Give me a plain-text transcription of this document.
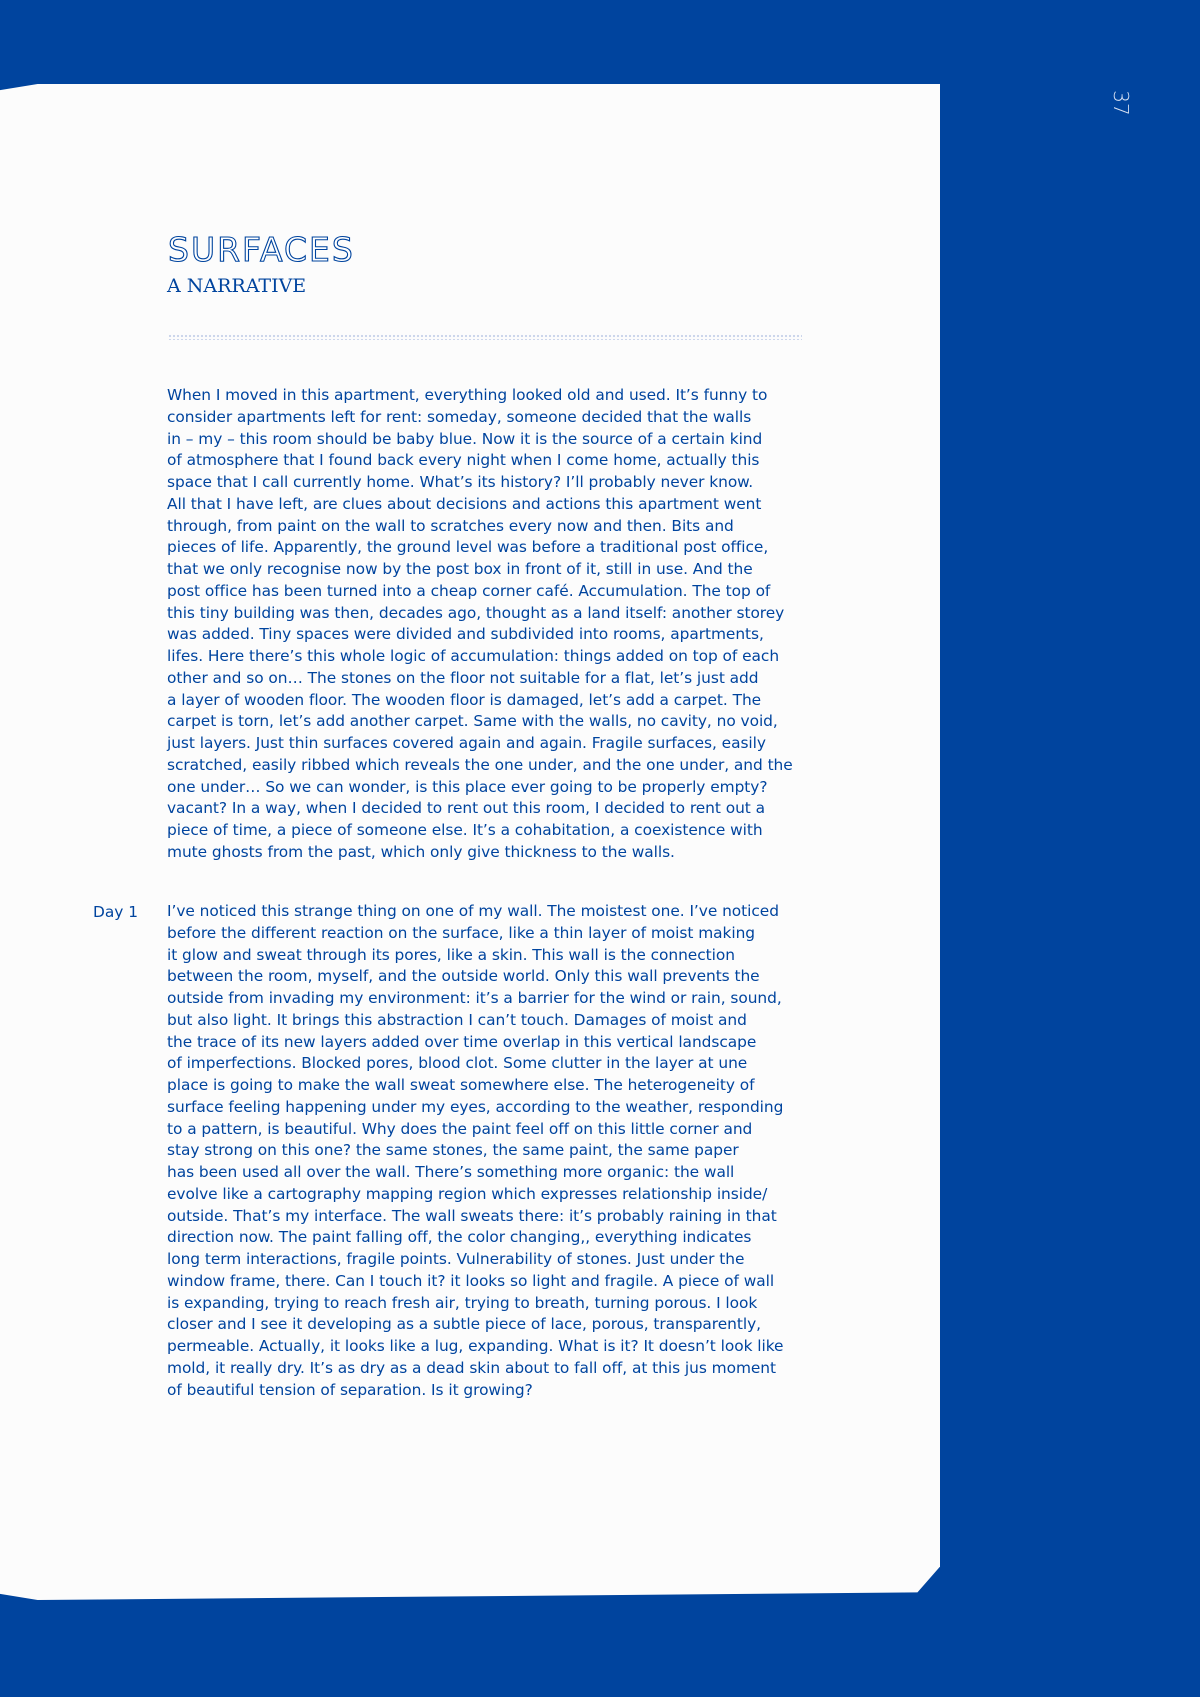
37
SURFACES
A NARRATIVE

When I moved in this apartment, everything looked old and used. It’s funny to
consider apartments left for rent: someday, someone decided that the walls
in – my – this room should be baby blue. Now it is the source of a certain kind
of atmosphere that I found back every night when I come home, actually this
space that I call currently home. What’s its history? I’ll probably never know.
All that I have left, are clues about decisions and actions this apartment went
through, from paint on the wall to scratches every now and then. Bits and
pieces of life. Apparently, the ground level was before a traditional post office,
that we only recognise now by the post box in front of it, still in use. And the
post office has been turned into a cheap corner café. Accumulation. The top of
this tiny building was then, decades ago, thought as a land itself: another storey
was added. Tiny spaces were divided and subdivided into rooms, apartments,
lifes. Here there’s this whole logic of accumulation: things added on top of each
other and so on… The stones on the floor not suitable for a flat, let’s just add
a layer of wooden floor. The wooden floor is damaged, let’s add a carpet. The
carpet is torn, let’s add another carpet. Same with the walls, no cavity, no void,
just layers. Just thin surfaces covered again and again. Fragile surfaces, easily
scratched, easily ribbed which reveals the one under, and the one under, and the
one under… So we can wonder, is this place ever going to be properly empty?
vacant? In a way, when I decided to rent out this room, I decided to rent out a
piece of time, a piece of someone else. It’s a cohabitation, a coexistence with
mute ghosts from the past, which only give thickness to the walls.

Day 1 I’ve noticed this strange thing on one of my wall. The moistest one. I’ve noticed
before the different reaction on the surface, like a thin layer of moist making
it glow and sweat through its pores, like a skin. This wall is the connection
between the room, myself, and the outside world. Only this wall prevents the
outside from invading my environment: it’s a barrier for the wind or rain, sound,
but also light. It brings this abstraction I can’t touch. Damages of moist and
the trace of its new layers added over time overlap in this vertical landscape
of imperfections. Blocked pores, blood clot. Some clutter in the layer at une
place is going to make the wall sweat somewhere else. The heterogeneity of
surface feeling happening under my eyes, according to the weather, responding
to a pattern, is beautiful. Why does the paint feel off on this little corner and
stay strong on this one? the same stones, the same paint, the same paper
has been used all over the wall. There’s something more organic: the wall
evolve like a cartography mapping region which expresses relationship inside/
outside. That’s my interface. The wall sweats there: it’s probably raining in that
direction now. The paint falling off, the color changing,, everything indicates
long term interactions, fragile points. Vulnerability of stones. Just under the
window frame, there. Can I touch it? it looks so light and fragile. A piece of wall
is expanding, trying to reach fresh air, trying to breath, turning porous. I look
closer and I see it developing as a subtle piece of lace, porous, transparently,
permeable. Actually, it looks like a lug, expanding. What is it? It doesn’t look like
mold, it really dry. It’s as dry as a dead skin about to fall off, at this jus moment
of beautiful tension of separation. Is it growing?
